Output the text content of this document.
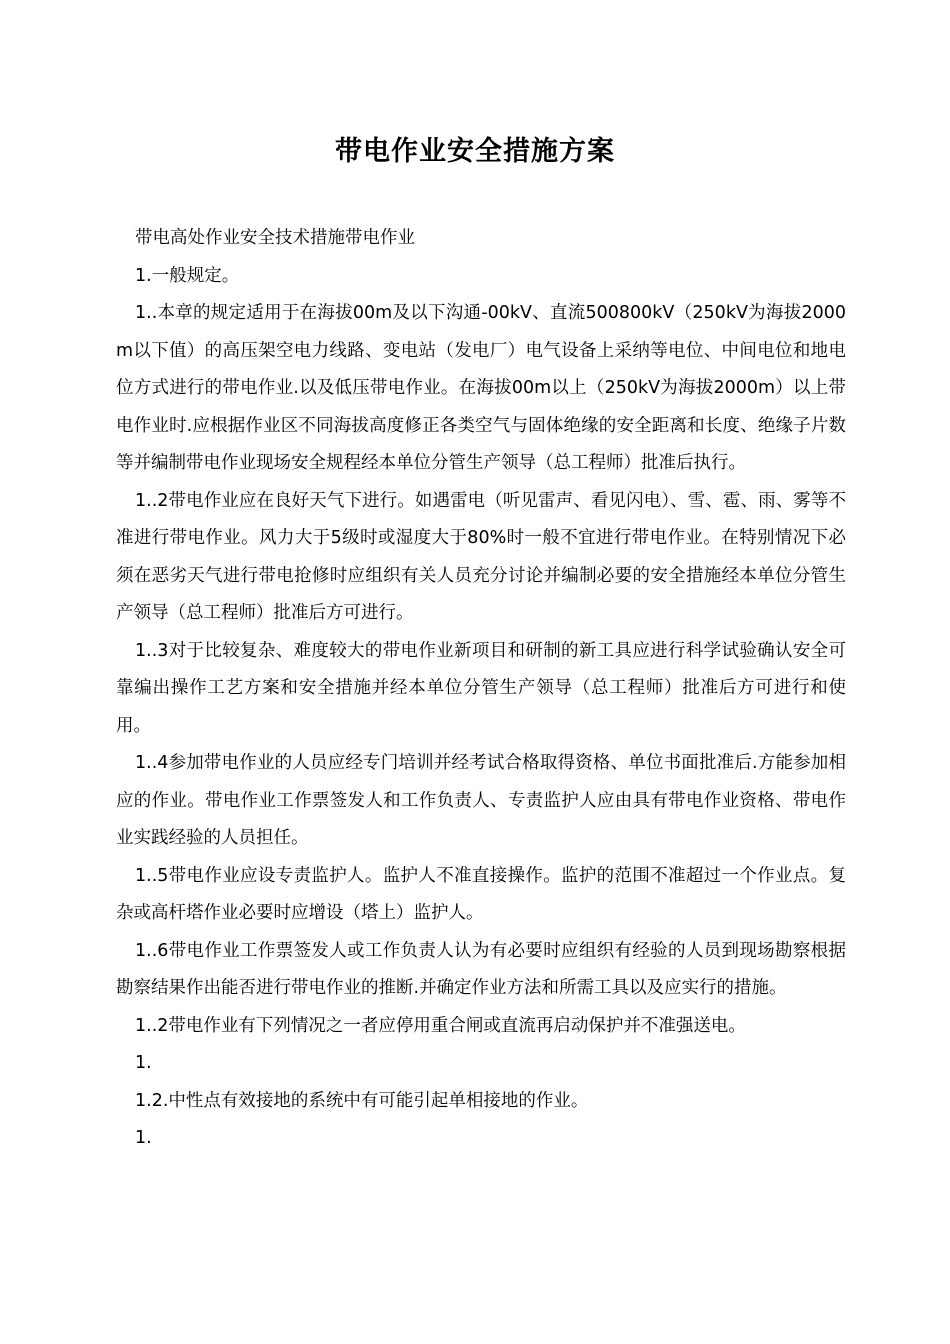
带电作业安全措施方案

带电高处作业安全技术措施带电作业

1.一般规定。

1..本章的规定适用于在海拔00m及以下沟通-00kV、直流500800kV（250kV为海拔2000m以下值）的高压架空电力线路、变电站（发电厂）电气设备上采纳等电位、中间电位和地电位方式进行的带电作业.以及低压带电作业。在海拔00m以上（250kV为海拔2000m）以上带电作业时.应根据作业区不同海拔高度修正各类空气与固体绝缘的安全距离和长度、绝缘子片数等并编制带电作业现场安全规程经本单位分管生产领导（总工程师）批准后执行。

1..2带电作业应在良好天气下进行。如遇雷电（听见雷声、看见闪电）、雪、雹、雨、雾等不准进行带电作业。风力大于5级时或湿度大于80%时一般不宜进行带电作业。在特别情况下必须在恶劣天气进行带电抢修时应组织有关人员充分讨论并编制必要的安全措施经本单位分管生产领导（总工程师）批准后方可进行。

1..3对于比较复杂、难度较大的带电作业新项目和研制的新工具应进行科学试验确认安全可靠编出操作工艺方案和安全措施并经本单位分管生产领导（总工程师）批准后方可进行和使用。

1..4参加带电作业的人员应经专门培训并经考试合格取得资格、单位书面批准后.方能参加相应的作业。带电作业工作票签发人和工作负责人、专责监护人应由具有带电作业资格、带电作业实践经验的人员担任。

1..5带电作业应设专责监护人。监护人不准直接操作。监护的范围不准超过一个作业点。复杂或高杆塔作业必要时应增设（塔上）监护人。

1..6带电作业工作票签发人或工作负责人认为有必要时应组织有经验的人员到现场勘察根据勘察结果作出能否进行带电作业的推断.并确定作业方法和所需工具以及应实行的措施。

1..2带电作业有下列情况之一者应停用重合闸或直流再启动保护并不准强送电。

1.

1.2.中性点有效接地的系统中有可能引起单相接地的作业。

1.
